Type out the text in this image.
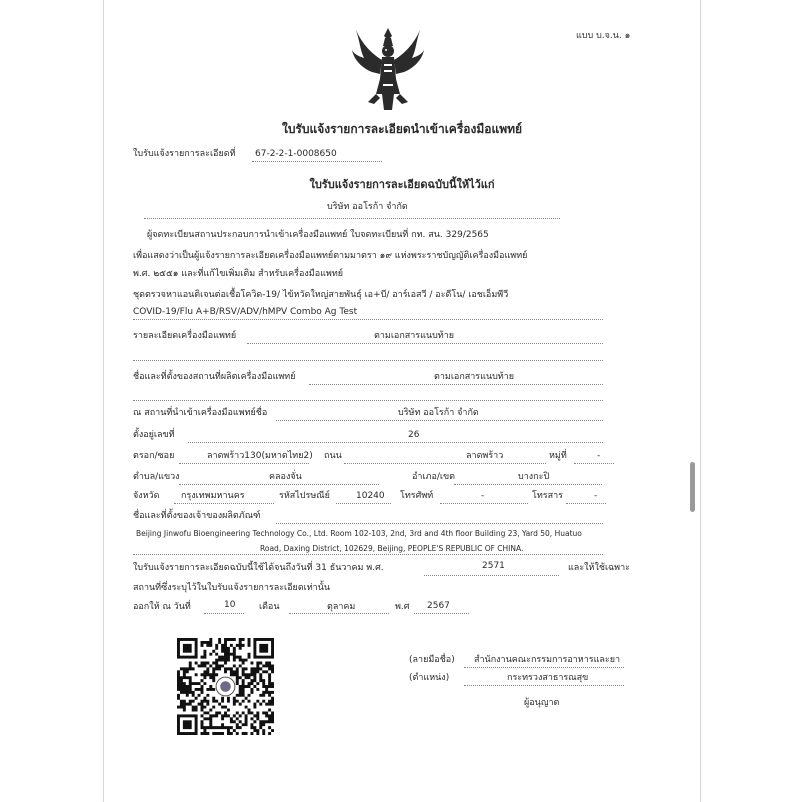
แบบ บ.จ.น. ๑
ใบรับแจ้งรายการละเอียดนำเข้าเครื่องมือแพทย์
ใบรับแจ้งรายการละเอียดที่ 67-2-2-1-0008650
ใบรับแจ้งรายการละเอียดฉบับนี้ให้ไว้แก่
บริษัท ออโรก้า จำกัด
ผู้จดทะเบียนสถานประกอบการนำเข้าเครื่องมือแพทย์ ใบจดทะเบียนที่ กท. สน. 329/2565
เพื่อแสดงว่าเป็นผู้แจ้งรายการละเอียดเครื่องมือแพทย์ตามมาตรา ๑๙ แห่งพระราชบัญญัติเครื่องมือแพทย์
พ.ศ. ๒๕๕๑ และที่แก้ไขเพิ่มเติม สำหรับเครื่องมือแพทย์
ชุดตรวจหาแอนติเจนต่อเชื้อโควิด-19/ ไข้หวัดใหญ่สายพันธุ์ เอ+บี/ อาร์เอสวี / อะดีโน/ เอชเอ็มพีวี
COVID-19/Flu A+B/RSV/ADV/hMPV Combo Ag Test
รายละเอียดเครื่องมือแพทย์	ตามเอกสารแนบท้าย
ชื่อและที่ตั้งของสถานที่ผลิตเครื่องมือแพทย์	ตามเอกสารแนบท้าย
ณ สถานที่นำเข้าเครื่องมือแพทย์ชื่อ	บริษัท ออโรก้า จำกัด
ตั้งอยู่เลขที่	26
ตรอก/ซอย	ลาดพร้าว130(มหาดไทย2) ถนน	ลาดพร้าว	หมู่ที่	-
ตำบล/แขวง	คลองจั่น	อำเภอ/เขต	บางกะปิ
จังหวัด กรุงเทพมหานคร	รหัสไปรษณีย์	10240 โทรศัพท์	-	โทรสาร	-
ชื่อและที่ตั้งของเจ้าของผลิตภัณฑ์
Beijing Jinwofu Bioengineering Technology Co., Ltd. Room 102-103, 2nd, 3rd and 4th floor Building 23, Yard 50, Huatuo
Road, Daxing District, 102629, Beijing, PEOPLE'S REPUBLIC OF CHINA.
ใบรับแจ้งรายการละเอียดฉบับนี้ใช้ได้จนถึงวันที่ 31 ธันวาคม พ.ศ.	2571	และให้ใช้เฉพาะ
สถานที่ซึ่งระบุไว้ในใบรับแจ้งรายการละเอียดเท่านั้น
ออกให้ ณ วันที่	10	เดือน	ตุลาคม	พ.ศ 2567
(ลายมือชื่อ) สำนักงานคณะกรรมการอาหารและยา
(ตำแหน่ง)	กระทรวงสาธารณสุข
ผู้อนุญาต
